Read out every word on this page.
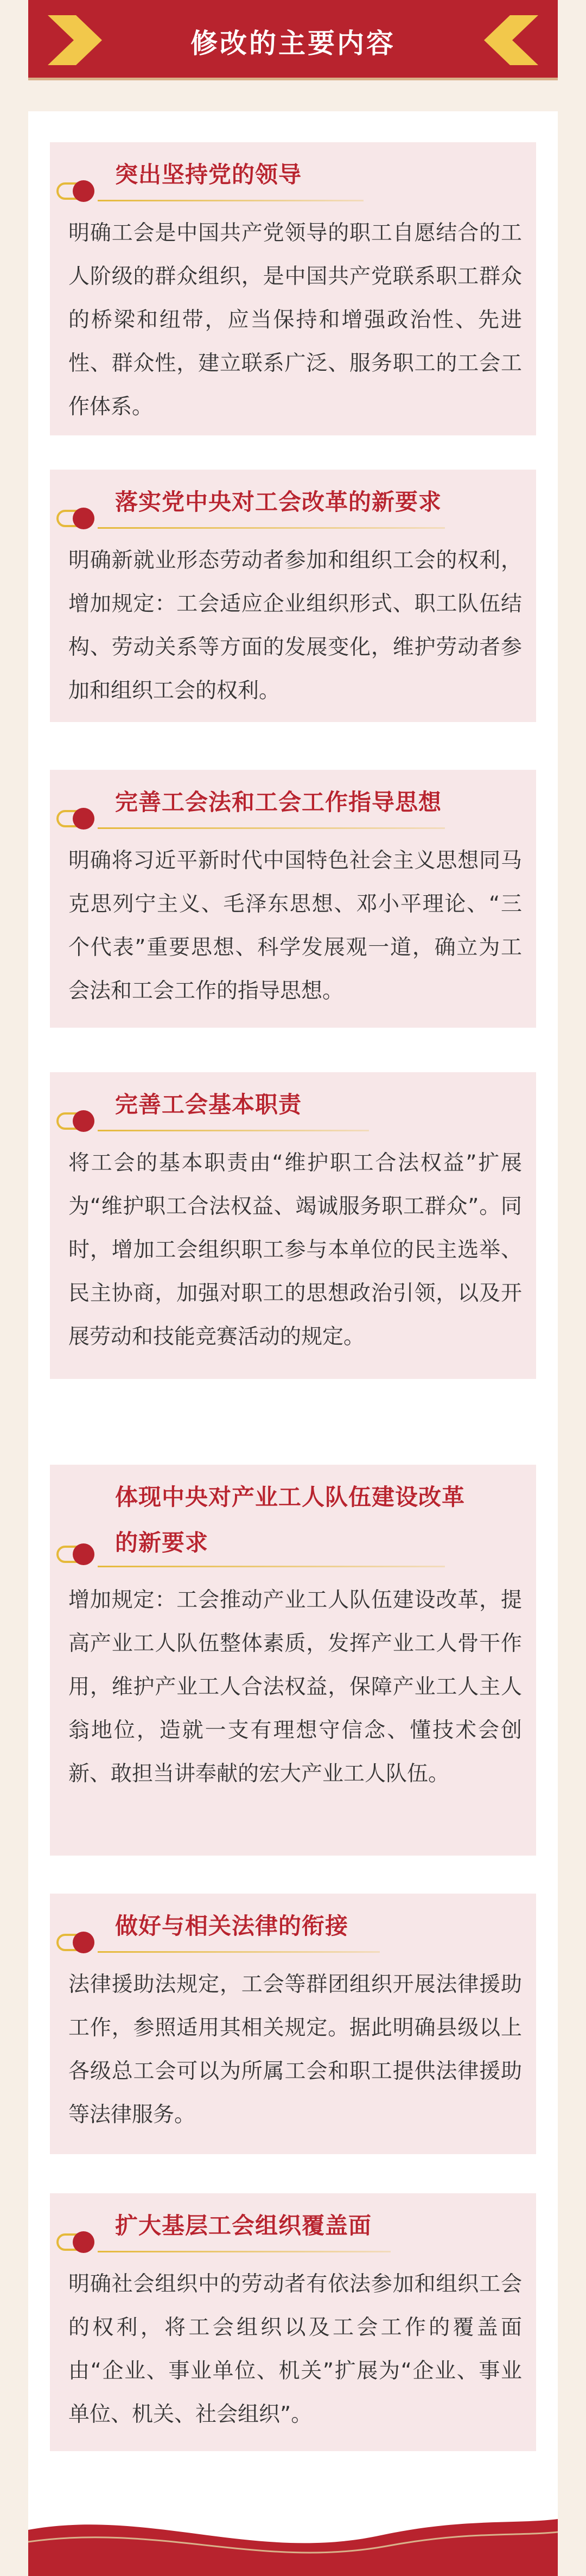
修改的主要内容
突出坚持党的领导

明确工会是中国共产党领导的职工自愿结合的工人阶级的群众组织，是中国共产党联系职工群众的桥梁和纽带，应当保持和增强政治性、先进性、群众性，建立联系广泛、服务职工的工会工作体系。

落实党中央对工会改革的新要求

明确新就业形态劳动者参加和组织工会的权利，增加规定：工会适应企业组织形式、职工队伍结构、劳动关系等方面的发展变化，维护劳动者参加和组织工会的权利。

完善工会法和工会工作指导思想

明确将习近平新时代中国特色社会主义思想同马克思列宁主义、毛泽东思想、邓小平理论、“三个代表”重要思想、科学发展观一道，确立为工会法和工会工作的指导思想。

完善工会基本职责

将工会的基本职责由“维护职工合法权益”扩展为“维护职工合法权益、竭诚服务职工群众”。同时，增加工会组织职工参与本单位的民主选举、民主协商，加强对职工的思想政治引领，以及开展劳动和技能竞赛活动的规定。

体现中央对产业工人队伍建设改革
的新要求

增加规定：工会推动产业工人队伍建设改革，提高产业工人队伍整体素质，发挥产业工人骨干作用，维护产业工人合法权益，保障产业工人主人翁地位，造就一支有理想守信念、懂技术会创新、敢担当讲奉献的宏大产业工人队伍。

做好与相关法律的衔接

法律援助法规定，工会等群团组织开展法律援助工作，参照适用其相关规定。据此明确县级以上各级总工会可以为所属工会和职工提供法律援助等法律服务。

扩大基层工会组织覆盖面

明确社会组织中的劳动者有依法参加和组织工会的权利，将工会组织以及工会工作的覆盖面由“企业、事业单位、机关”扩展为“企业、事业单位、机关、社会组织”。
